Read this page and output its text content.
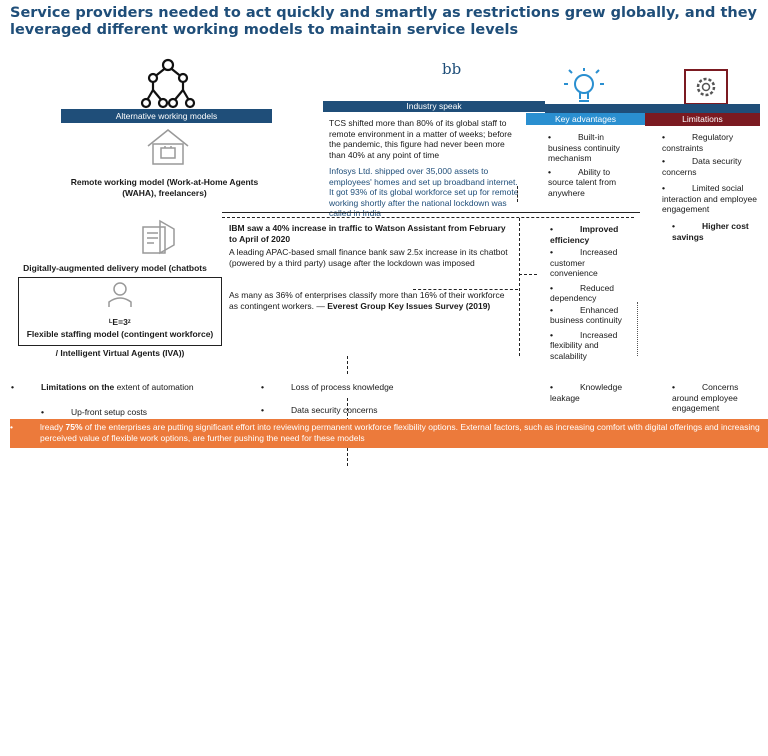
Service providers needed to act quickly and smartly as restrictions grew globally, and they leveraged different working models to maintain service levels
bb
Alternative working models
Industry speak
Key advantages	Limitations
Remote working model (Work-at-Home Agents (WAHA), freelancers)
TCS shifted more than 80% of its global staff to remote environment in a matter of weeks; before the pandemic, this figure had never been more than 40% at any point of time
Infosys Ltd. shipped over 35,000 assets to employees' homes and set up broadband internet. It got 93% of its global workforce set up for remote working shortly after the national lockdown was called in India
• Built-in business continuity mechanism
• Ability to source talent from anywhere
• Regulatory constraints
• Data security concerns
• Limited social interaction and employee engagement
Digitally-augmented delivery model (chatbots
IBM saw a 40% increase in traffic to Watson Assistant from February to April of 2020
A leading APAC-based small finance bank saw 2.5x increase in its chatbot (powered by a third party) usage after the lockdown was imposed
As many as 36% of enterprises classify more than 16% of their workforce as contingent workers. — Everest Group Key Issues Survey (2019)
• Improved efficiency
• Increased customer convenience
• Reduced dependency
• Enhanced business continuity
• Increased flexibility and scalability
• Higher cost savings
ᴸE=3ᶻ
Flexible staffing model (contingent workforce)
/ Intelligent Virtual Agents (IVA))
• Limitations on the extent of automation
• Up-front setup costs
• Loss of process knowledge
• Data security concerns
• Knowledge leakage
• Concerns around employee engagement
•	lready 75% of the enterprises are putting significant effort into reviewing permanent workforce flexibility options. External factors, such as increasing comfort with digital offerings and increasing perceived value of flexible work options, are further pushing the need for these models
